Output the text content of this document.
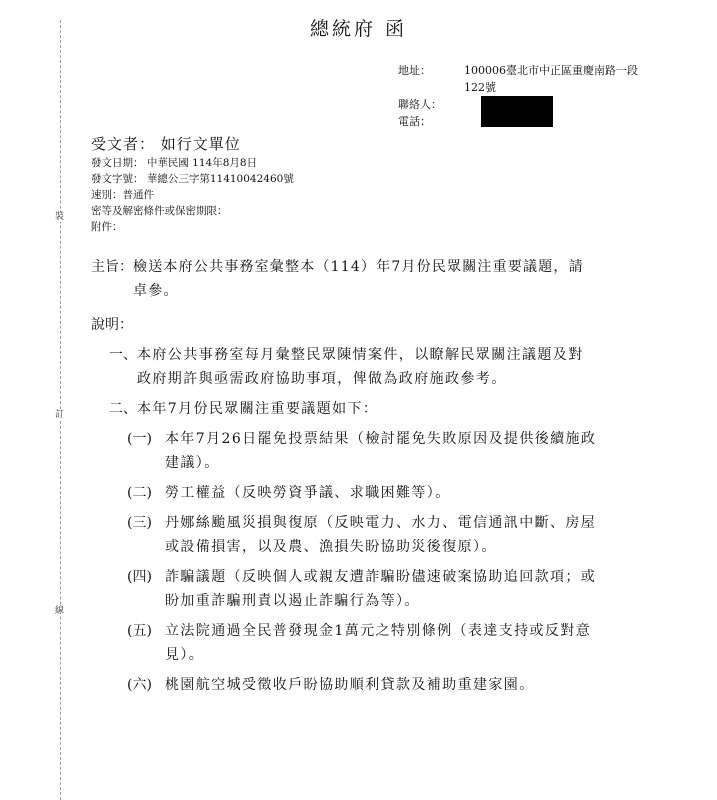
裝
訂
線
總統府 函
地址：	100006臺北市中正區重慶南路一段122號
聯絡人：
電話：
受文者： 如行文單位
發文日期： 中華民國 114年8月8日
發文字號： 華總公三字第11410042460號
速別：普通件
密等及解密條件或保密期限：
附件：
主旨： 檢送本府公共事務室彙整本（114）年7月份民眾關注重要議題，請卓參。
說明：
一、 本府公共事務室每月彙整民眾陳情案件，以瞭解民眾關注議題及對政府期許與亟需政府協助事項，俾做為政府施政參考。
二、 本年7月份民眾關注重要議題如下：
(一) 本年7月26日罷免投票結果（檢討罷免失敗原因及提供後續施政建議）。
(二) 勞工權益（反映勞資爭議、求職困難等）。
(三) 丹娜絲颱風災損與復原（反映電力、水力、電信通訊中斷、房屋或設備損害，以及農、漁損失盼協助災後復原）。
(四) 詐騙議題（反映個人或親友遭詐騙盼儘速破案協助追回款項；或盼加重詐騙刑責以遏止詐騙行為等）。
(五) 立法院通過全民普發現金1萬元之特別條例（表達支持或反對意見）。
(六) 桃園航空城受徵收戶盼協助順利貸款及補助重建家園。
